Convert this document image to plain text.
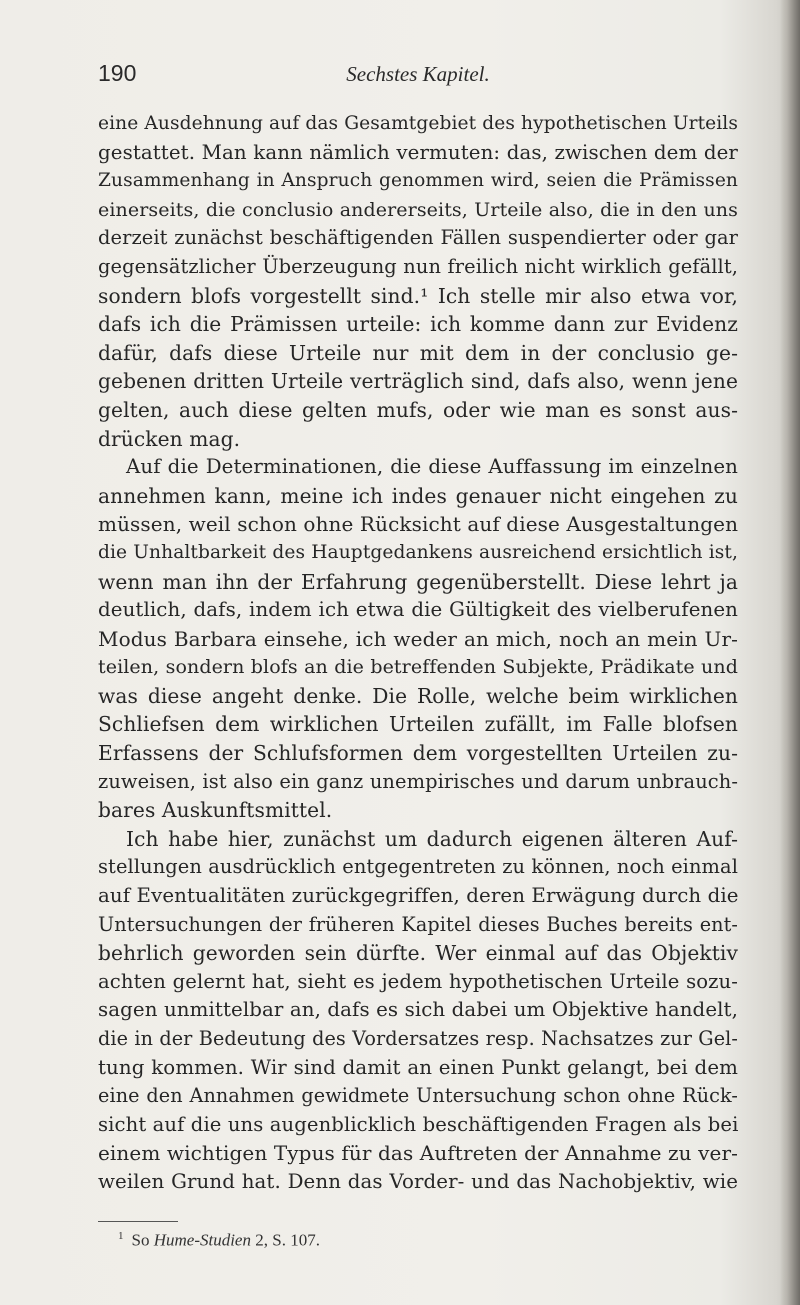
190	Sechstes Kapitel.
eine Ausdehnung auf das Gesamtgebiet des hypothetischen Urteils
gestattet. Man kann nämlich vermuten: das, zwischen dem der
Zusammenhang in Anspruch genommen wird, seien die Prämissen
einerseits, die conclusio andererseits, Urteile also, die in den uns
derzeit zunächst beschäftigenden Fällen suspendierter oder gar
gegensätzlicher Überzeugung nun freilich nicht wirklich gefällt,
sondern blofs vorgestellt sind.¹ Ich stelle mir also etwa vor,
dafs ich die Prämissen urteile: ich komme dann zur Evidenz
dafür, dafs diese Urteile nur mit dem in der conclusio ge-
gebenen dritten Urteile verträglich sind, dafs also, wenn jene
gelten, auch diese gelten mufs, oder wie man es sonst aus-
drücken mag.
Auf die Determinationen, die diese Auffassung im einzelnen
annehmen kann, meine ich indes genauer nicht eingehen zu
müssen, weil schon ohne Rücksicht auf diese Ausgestaltungen
die Unhaltbarkeit des Hauptgedankens ausreichend ersichtlich ist,
wenn man ihn der Erfahrung gegenüberstellt. Diese lehrt ja
deutlich, dafs, indem ich etwa die Gültigkeit des vielberufenen
Modus Barbara einsehe, ich weder an mich, noch an mein Ur-
teilen, sondern blofs an die betreffenden Subjekte, Prädikate und
was diese angeht denke. Die Rolle, welche beim wirklichen
Schliefsen dem wirklichen Urteilen zufällt, im Falle blofsen
Erfassens der Schlufsformen dem vorgestellten Urteilen zu-
zuweisen, ist also ein ganz unempirisches und darum unbrauch-
bares Auskunftsmittel.
Ich habe hier, zunächst um dadurch eigenen älteren Auf-
stellungen ausdrücklich entgegentreten zu können, noch einmal
auf Eventualitäten zurückgegriffen, deren Erwägung durch die
Untersuchungen der früheren Kapitel dieses Buches bereits ent-
behrlich geworden sein dürfte. Wer einmal auf das Objektiv
achten gelernt hat, sieht es jedem hypothetischen Urteile sozu-
sagen unmittelbar an, dafs es sich dabei um Objektive handelt,
die in der Bedeutung des Vordersatzes resp. Nachsatzes zur Gel-
tung kommen. Wir sind damit an einen Punkt gelangt, bei dem
eine den Annahmen gewidmete Untersuchung schon ohne Rück-
sicht auf die uns augenblicklich beschäftigenden Fragen als bei
einem wichtigen Typus für das Auftreten der Annahme zu ver-
weilen Grund hat. Denn das Vorder- und das Nachobjektiv, wie
$^1$ So Hume-Studien 2, S. 107.
